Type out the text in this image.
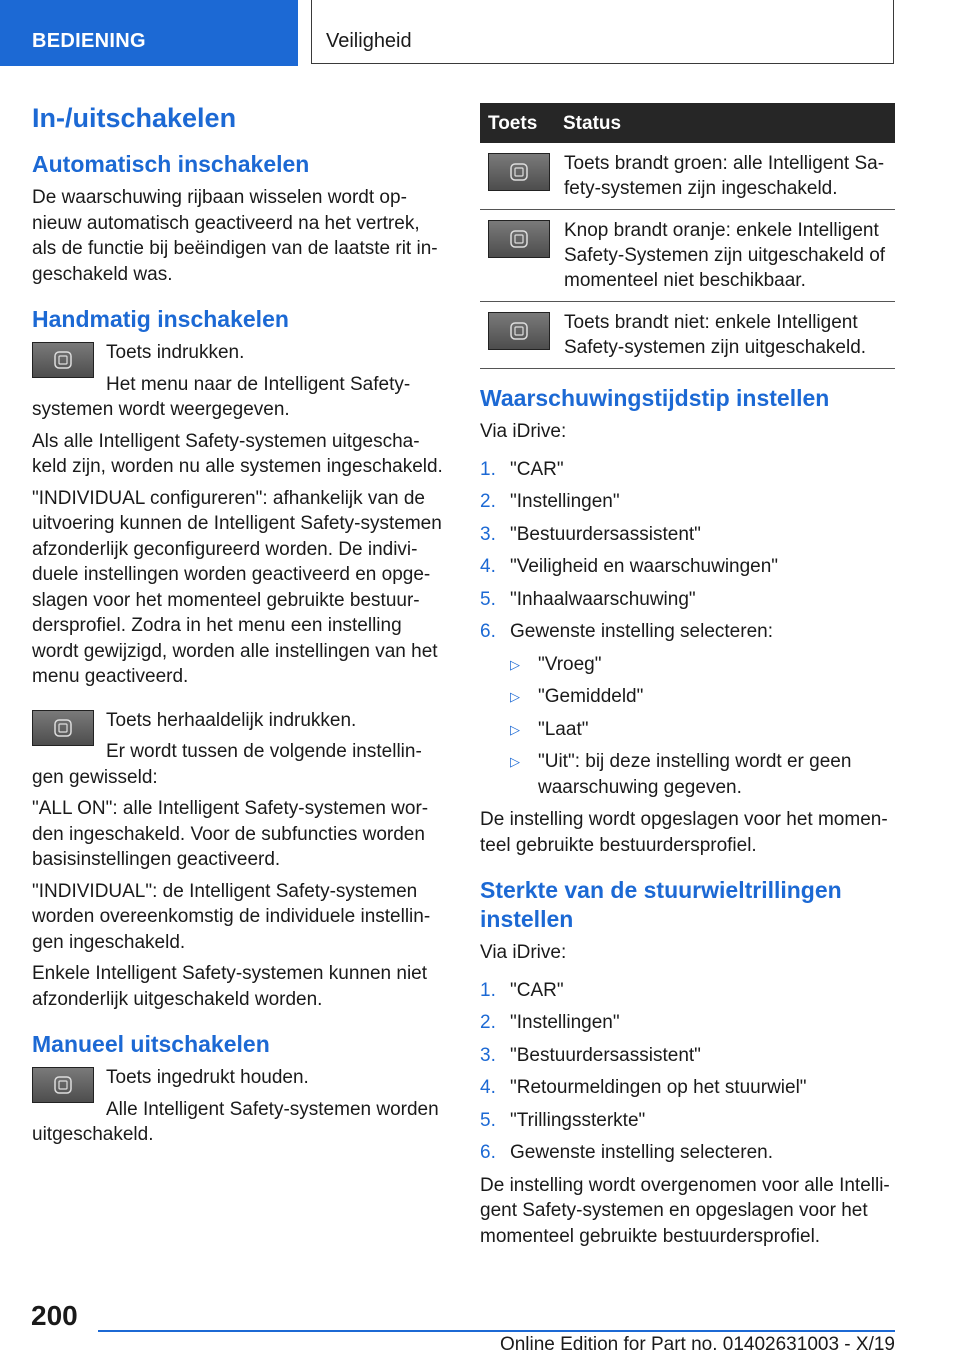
BEDIENING	Veiligheid
In-/uitschakelen
Automatisch inschakelen

De waarschuwing rijbaan wisselen wordt op-nieuw automatisch geactiveerd na het vertrek, als de functie bij beëindigen van de laatste rit in-geschakeld was.

Handmatig inschakelen

Toets indrukken.

Het menu naar de Intelligent Safety-systemen wordt weergegeven.

Als alle Intelligent Safety-systemen uitgescha-keld zijn, worden nu alle systemen ingeschakeld.

"INDIVIDUAL configureren": afhankelijk van de uitvoering kunnen de Intelligent Safety-systemen afzonderlijk geconfigureerd worden. De indivi-duele instellingen worden geactiveerd en opge-slagen voor het momenteel gebruikte bestuur-dersprofiel. Zodra in het menu een instelling wordt gewijzigd, worden alle instellingen van het menu geactiveerd.

Toets herhaaldelijk indrukken.

Er wordt tussen de volgende instellin-gen gewisseld:

"ALL ON": alle Intelligent Safety-systemen wor-den ingeschakeld. Voor de subfuncties worden basisinstellingen geactiveerd.

"INDIVIDUAL": de Intelligent Safety-systemen worden overeenkomstig de individuele instellin-gen ingeschakeld.

Enkele Intelligent Safety-systemen kunnen niet afzonderlijk uitgeschakeld worden.

Manueel uitschakelen

Toets ingedrukt houden.

Alle Intelligent Safety-systemen worden uitgeschakeld.

Toets	Status

	Toets brandt groen: alle Intelligent Sa-fety-systemen zijn ingeschakeld.

	Knop brandt oranje: enkele Intelligent Safety-Systemen zijn uitgeschakeld of momenteel niet beschikbaar.

	Toets brandt niet: enkele Intelligent Safety-systemen zijn uitgeschakeld.
Waarschuwingstijdstip instellen

Via iDrive:

1. "CAR"
2. "Instellingen"
3. "Bestuurdersassistent"
4. "Veiligheid en waarschuwingen"
5. "Inhaalwaarschuwing"
6. Gewenste instelling selecteren:
▷ "Vroeg"
▷ "Gemiddeld"
▷ "Laat"
▷ "Uit": bij deze instelling wordt er geen waarschuwing gegeven.

De instelling wordt opgeslagen voor het momen-teel gebruikte bestuurdersprofiel.

Sterkte van de stuurwieltrillingen instellen

Via iDrive:

1. "CAR"
2. "Instellingen"
3. "Bestuurdersassistent"
4. "Retourmeldingen op het stuurwiel"
5. "Trillingssterkte"
6. Gewenste instelling selecteren.

De instelling wordt overgenomen voor alle Intelli-gent Safety-systemen en opgeslagen voor het momenteel gebruikte bestuurdersprofiel.

200
Online Edition for Part no. 01402631003 - X/19
